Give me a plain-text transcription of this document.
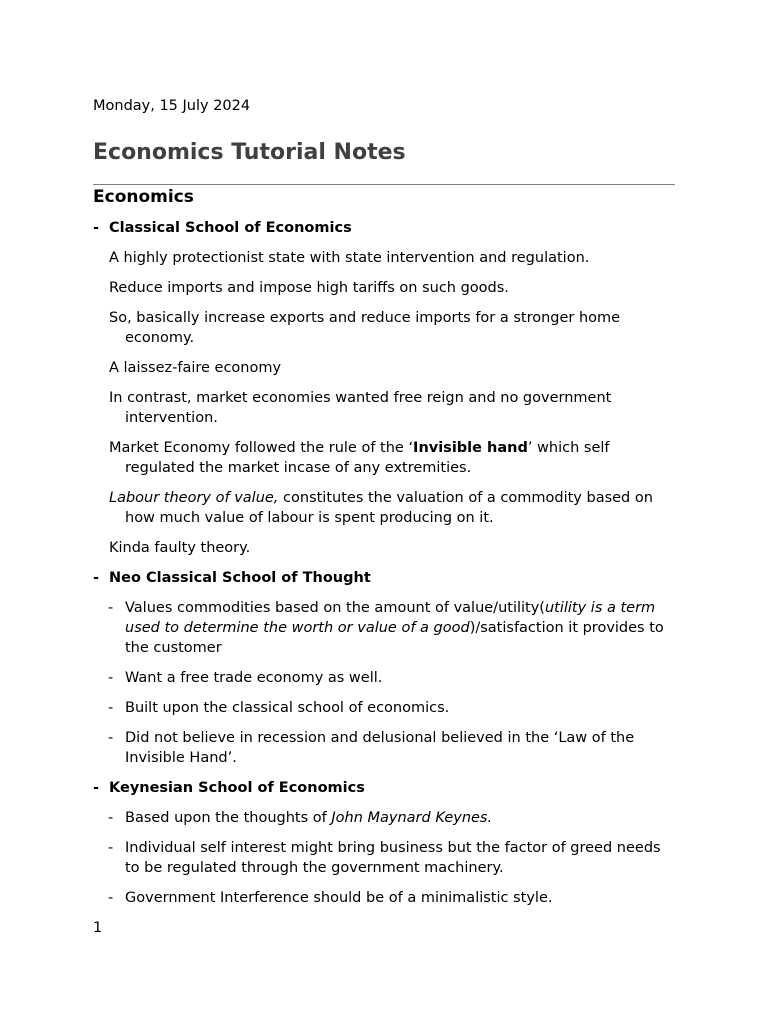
Monday, 15 July 2024

Economics Tutorial Notes
Economics
- Classical School of Economics

A highly protectionist state with state intervention and regulation.

Reduce imports and impose high tariffs on such goods.

So, basically increase exports and reduce imports for a stronger home economy.

A laissez-faire economy

In contrast, market economies wanted free reign and no government intervention.

Market Economy followed the rule of the ‘Invisible hand’ which self regulated the market incase of any extremities.

Labour theory of value, constitutes the valuation of a commodity based on how much value of labour is spent producing on it.

Kinda faulty theory.

- Neo Classical School of Thought
- Values commodities based on the amount of value/utility(utility is a term used to determine the worth or value of a good)/satisfaction it provides to the customer
- Want a free trade economy as well.
- Built upon the classical school of economics.
- Did not believe in recession and delusional believed in the ‘Law of the Invisible Hand’.
- Keynesian School of Economics
- Based upon the thoughts of John Maynard Keynes.
- Individual self interest might bring business but the factor of greed needs to be regulated through the government machinery.
- Government Interference should be of a minimalistic style.
1
